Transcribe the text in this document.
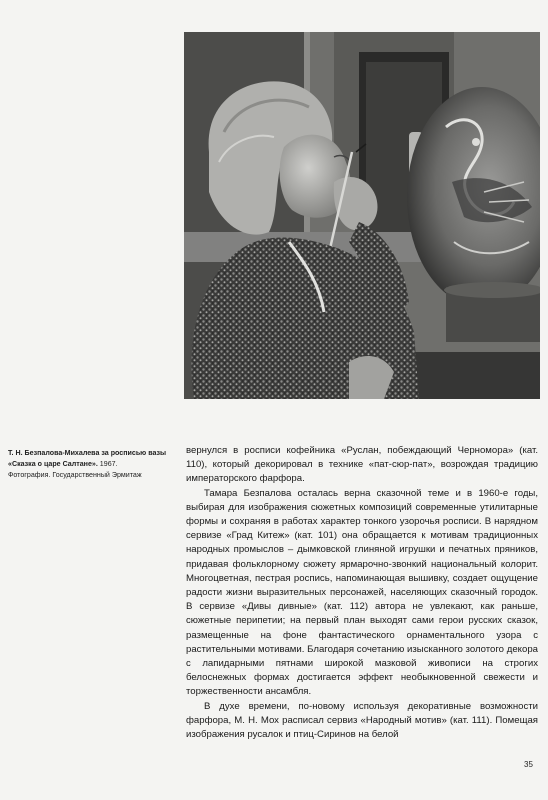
Т. Н. Безпалова-Михалева за росписью вазы «Сказка о царе Салтане». 1967.
Фотография. Государственный Эрмитаж

вернулся в росписи кофейника «Руслан, побеждающий Черномора» (кат. 110), который декорировал в технике «пат-сюр-пат», возрождая традицию императорского фарфора.

Тамара Безпалова осталась верна сказочной теме и в 1960-е годы, выбирая для изображения сюжетных композиций современные утилитарные формы и сохраняя в работах характер тонкого узорочья росписи. В нарядном сервизе «Град Китеж» (кат. 101) она обращается к мотивам традиционных народных промыслов – дымковской глиняной игрушки и печатных пряников, придавая фольклорному сюжету ярмарочно-звонкий национальный колорит. Многоцветная, пестрая роспись, напоминающая вышивку, создает ощущение радости жизни выразительных персонажей, населяющих сказочный городок. В сервизе «Дивы дивные» (кат. 112) автора не увлекают, как раньше, сюжетные перипетии; на первый план выходят сами герои русских сказок, размещенные на фоне фантастического орнаментального узора с растительными мотивами. Благодаря сочетанию изысканного золотого декора с лапидарными пятнами широкой мазковой живописи на строгих белоснежных формах достигается эффект необыкновенной свежести и торжественности ансамбля.

В духе времени, по-новому используя декоративные возможности фарфора, М. Н. Мох расписал сервиз «Народный мотив» (кат. 111). Помещая изображения русалок и птиц-Сиринов на белой

35
